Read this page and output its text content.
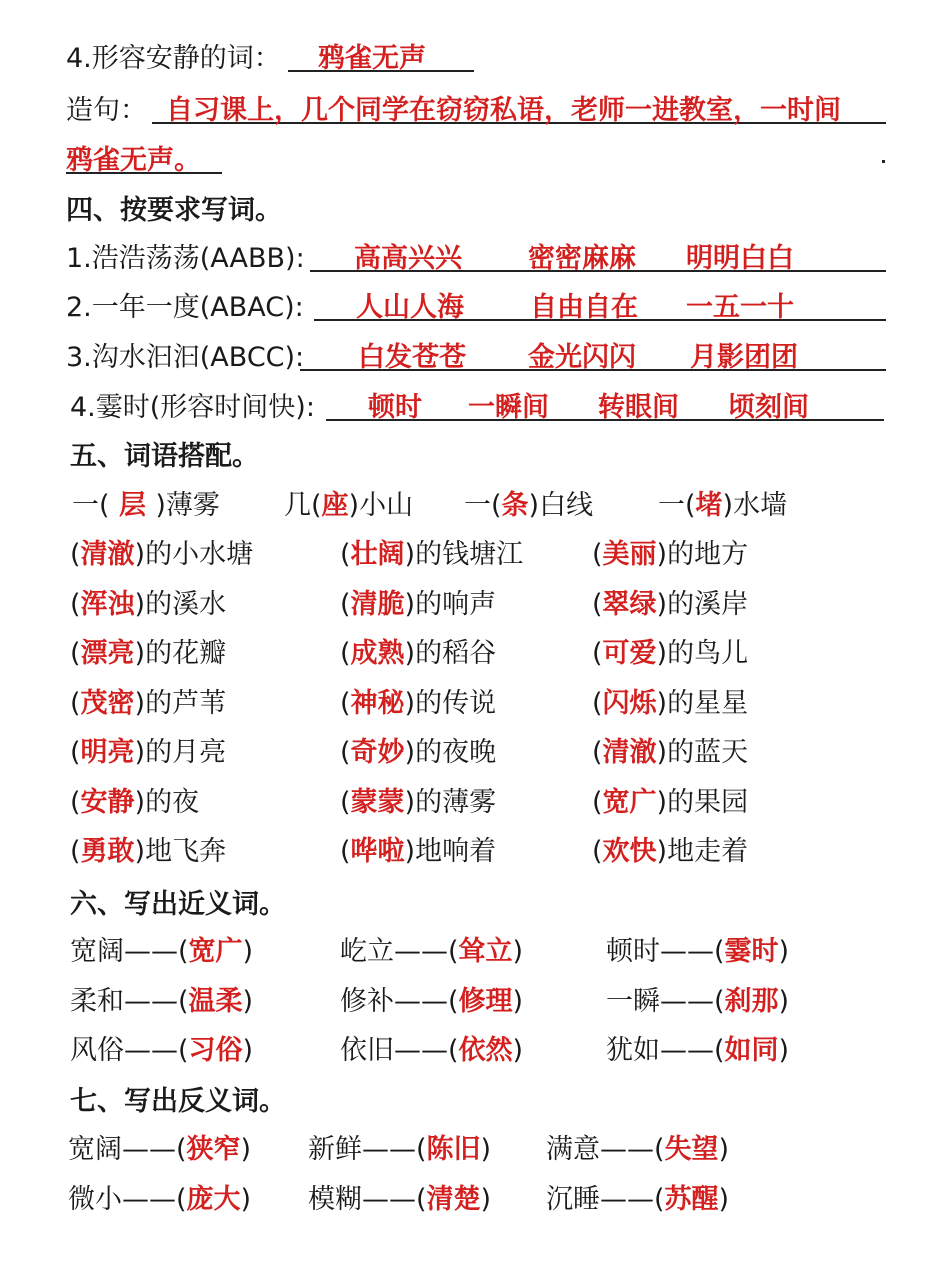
4.形容安静的词： 鸦雀无声
造句： 自习课上，几个同学在窃窃私语，老师一进教室，一时间
鸦雀无声。
四、按要求写词。
1.浩浩荡荡(AABB): 高高兴兴 密密麻麻 明明白白
2.一年一度(ABAC): 人山人海 自由自在 一五一十
3.沟水汩汩(ABCC): 白发苍苍 金光闪闪 月影团团
4.霎时(形容时间快): 顿时 一瞬间 转眼间 顷刻间
五、词语搭配。
一( 层 )薄雾 几(座)小山 一(条)白线 一(堵)水墙
(清澈)的小水塘	(壮阔)的钱塘江	(美丽)的地方
(浑浊)的溪水	(清脆)的响声	(翠绿)的溪岸
(漂亮)的花瓣	(成熟)的稻谷	(可爱)的鸟儿
(茂密)的芦苇	(神秘)的传说	(闪烁)的星星
(明亮)的月亮	(奇妙)的夜晚	(清澈)的蓝天
(安静)的夜	(蒙蒙)的薄雾	(宽广)的果园
(勇敢)地飞奔	(哗啦)地响着	(欢快)地走着
六、写出近义词。
宽阔——(宽广)	屹立——(耸立)	顿时——(霎时)
柔和——(温柔)	修补——(修理)	一瞬——(刹那)
风俗——(习俗)	依旧——(依然)	犹如——(如同)
七、写出反义词。
宽阔——(狭窄) 新鲜——(陈旧) 满意——(失望)
微小——(庞大) 模糊——(清楚) 沉睡——(苏醒)
